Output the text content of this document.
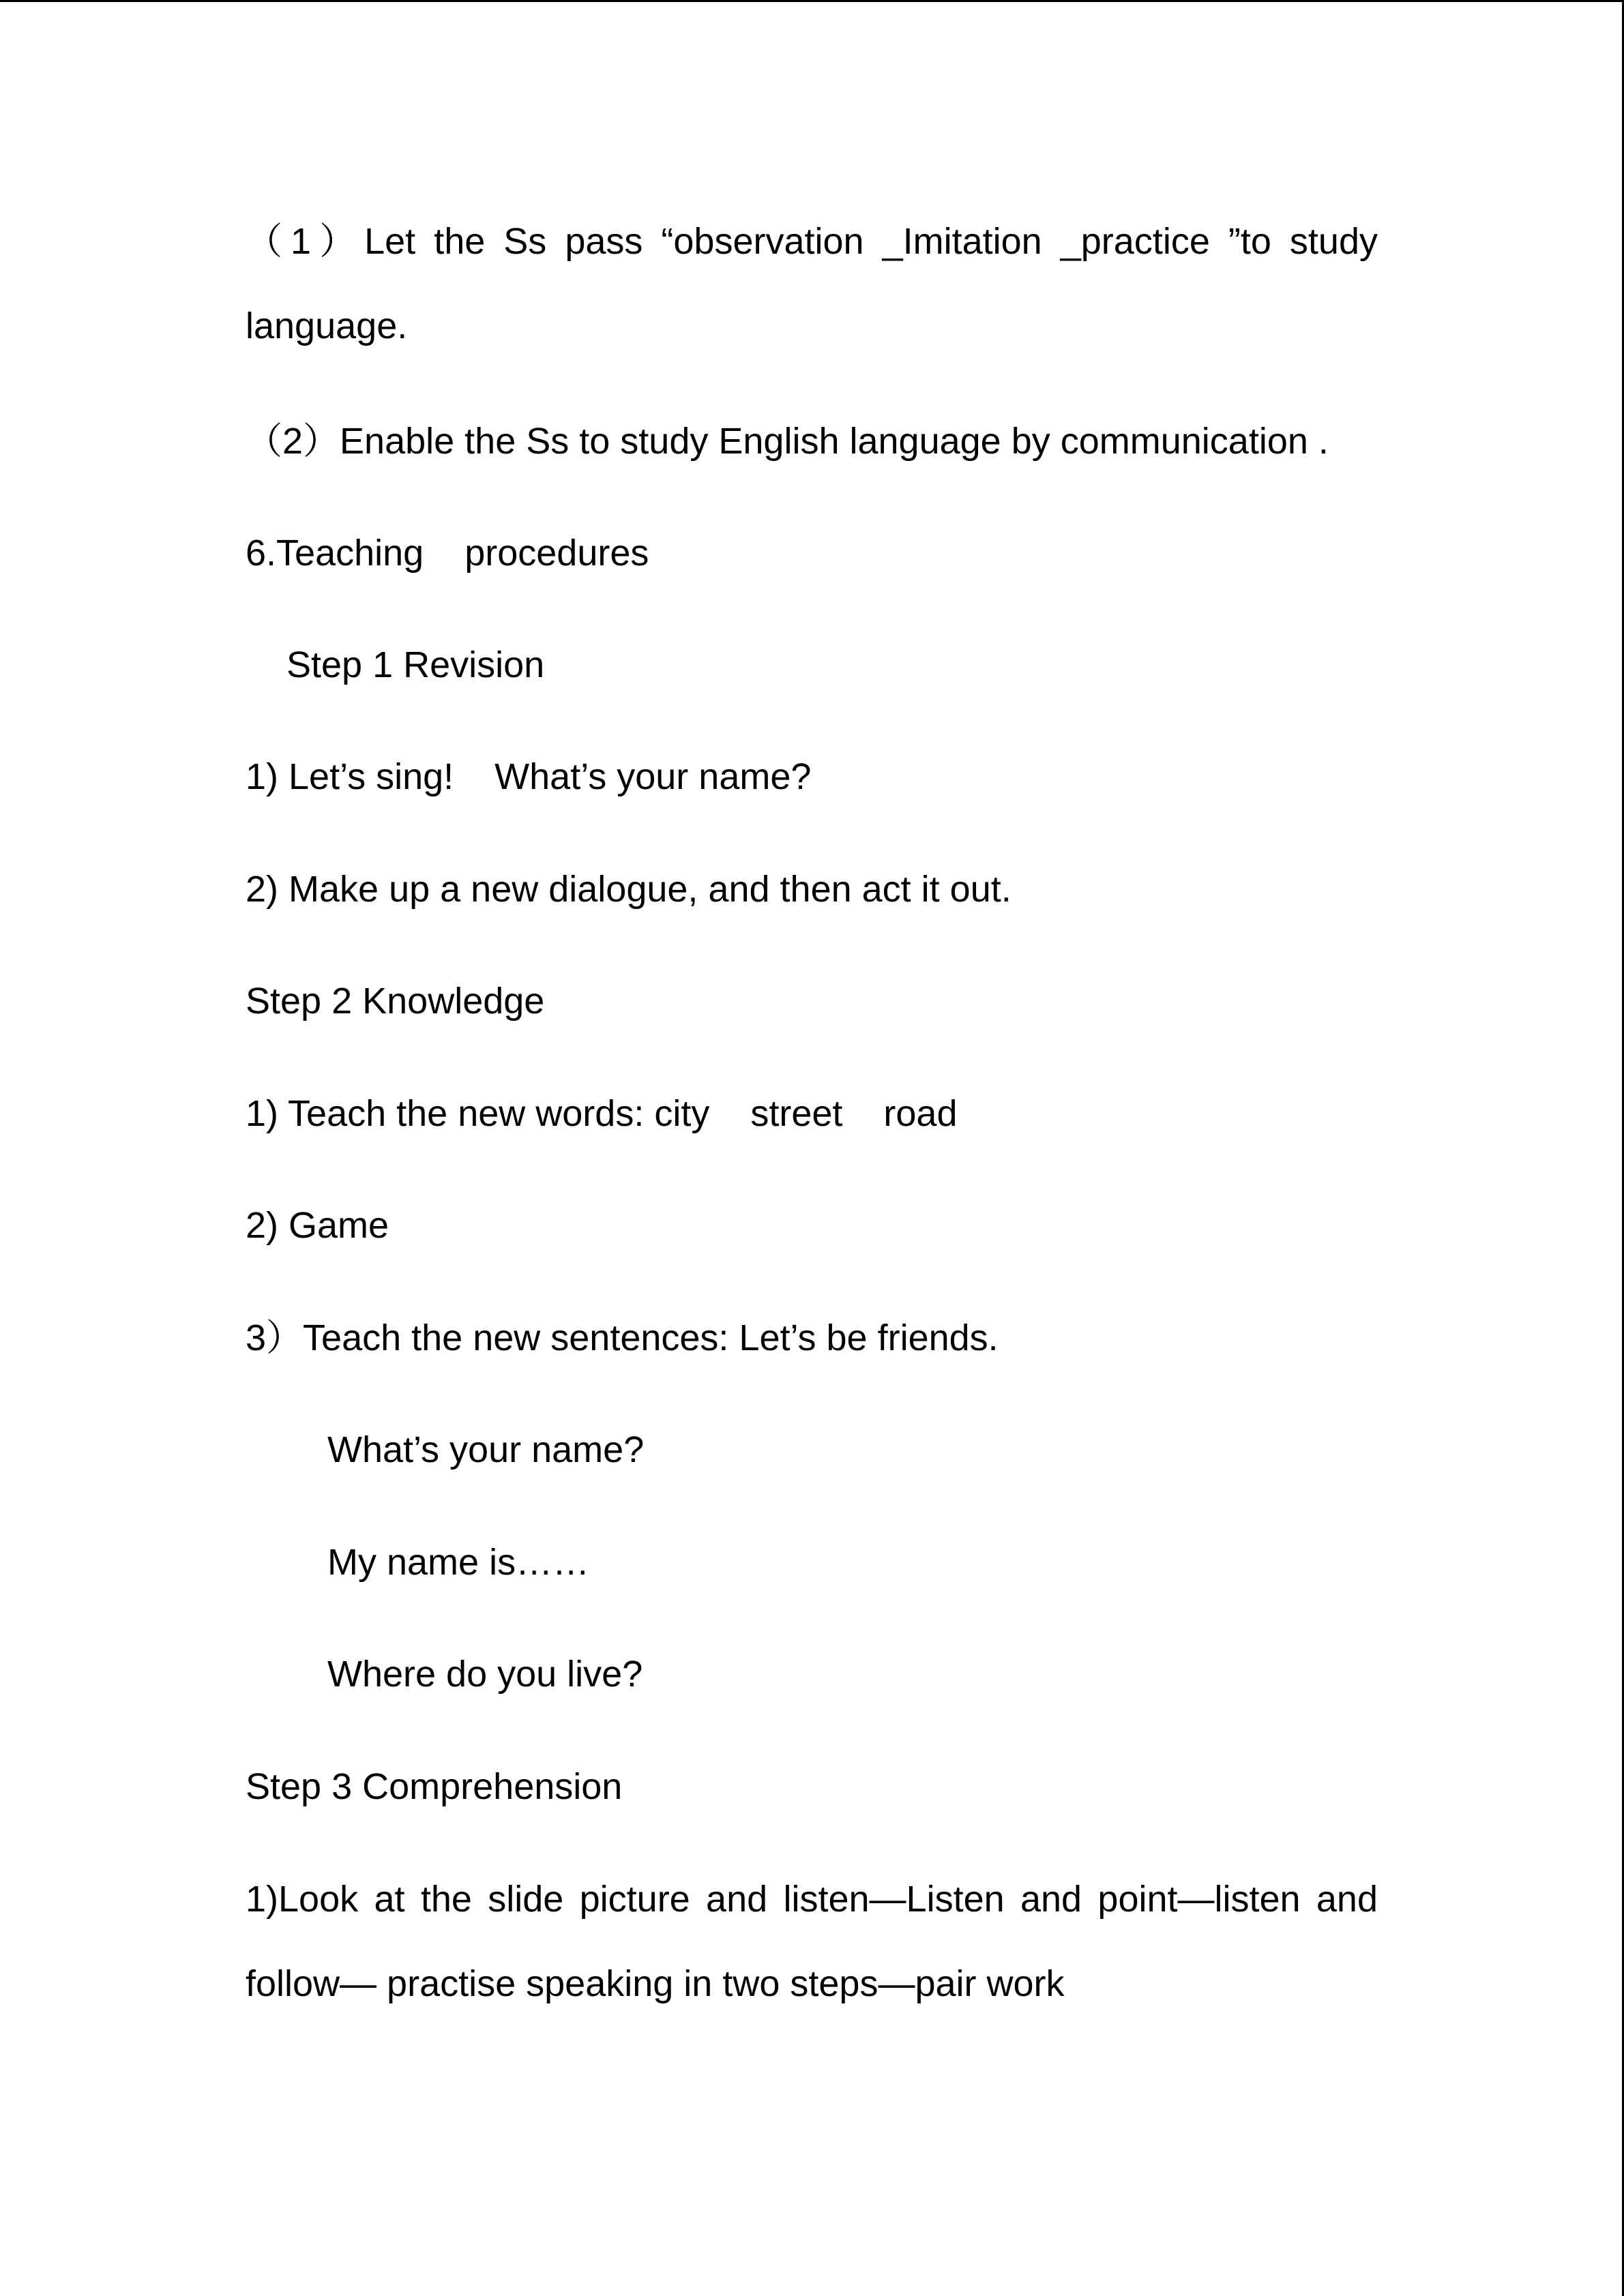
（1）Let the Ss pass “observation _Imitation _practice ”to study
language.
（2）Enable the Ss to study English language by communication .
6.Teaching    procedures
Step 1 Revision
1) Let’s sing!    What’s your name?
2) Make up a new dialogue, and then act it out.
Step 2 Knowledge
1) Teach the new words: city    street    road
2) Game
3）Teach the new sentences: Let’s be friends.
What’s your name?
My name is……
Where do you live?
Step 3 Comprehension
1)Look at the slide picture and listen—Listen and point—listen and
follow— practise speaking in two steps—pair work
